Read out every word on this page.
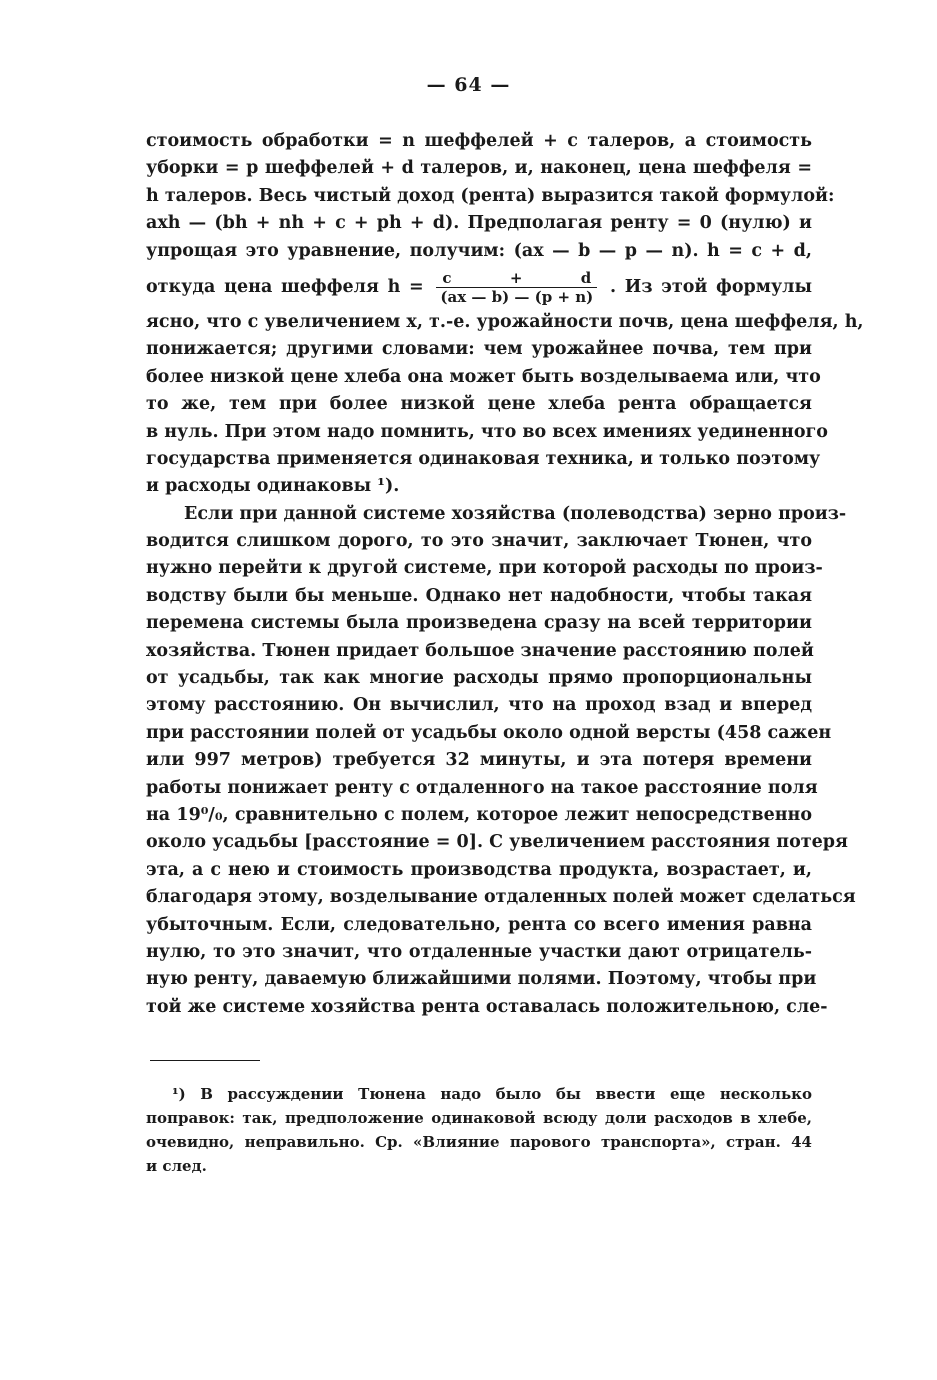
— 64 —
стоимость обработки = n шеффелей + c талеров, а стоимость
уборки = p шеффелей + d талеров, и, наконец, цена шеффеля =
h талеров. Весь чистый доход (рента) выразится такой формулой:
axh — (bh + nh + c + ph + d). Предполагая ренту = 0 (нулю) и
упрощая это уравнение, получим: (ax — b — p — n). h = c + d,
откуда цена шеффеля $h = \frac{c + d}{(ax — b) — (p + n)}$ . Из этой формулы
ясно, что с увеличением x, т.-е. урожайности почв, цена шеффеля, h,
понижается; другими словами: чем урожайнее почва, тем при
более низкой цене хлеба она может быть возделываема или, что
то же, тем при более низкой цене хлеба рента обращается
в нуль. При этом надо помнить, что во всех имениях уединенного
государства применяется одинаковая техника, и только поэтому
и расходы одинаковы ¹).
Если при данной системе хозяйства (полеводства) зерно произ-
водится слишком дорого, то это значит, заключает Тюнен, что
нужно перейти к другой системе, при которой расходы по произ-
водству были бы меньше. Однако нет надобности, чтобы такая
перемена системы была произведена сразу на всей территории
хозяйства. Тюнен придает большое значение расстоянию полей
от усадьбы, так как многие расходы прямо пропорциональны
этому расстоянию. Он вычислил, что на проход взад и вперед
при расстоянии полей от усадьбы около одной версты (458 сажен
или 997 метров) требуется 32 минуты, и эта потеря времени
работы понижает ренту с отдаленного на такое расстояние поля
на 19⁰/₀, сравнительно с полем, которое лежит непосредственно
около усадьбы [расстояние = 0]. С увеличением расстояния потеря
эта, а с нею и стоимость производства продукта, возрастает, и,
благодаря этому, возделывание отдаленных полей может сделаться
убыточным. Если, следовательно, рента со всего имения равна
нулю, то это значит, что отдаленные участки дают отрицатель-
ную ренту, даваемую ближайшими полями. Поэтому, чтобы при
той же системе хозяйства рента оставалась положительною, сле-
¹) В рассуждении Тюнена надо было бы ввести еще несколько
поправок: так, предположение одинаковой всюду доли расходов в хлебе,
очевидно, неправильно. Ср. «Влияние парового транспорта», стран. 44
и след.
